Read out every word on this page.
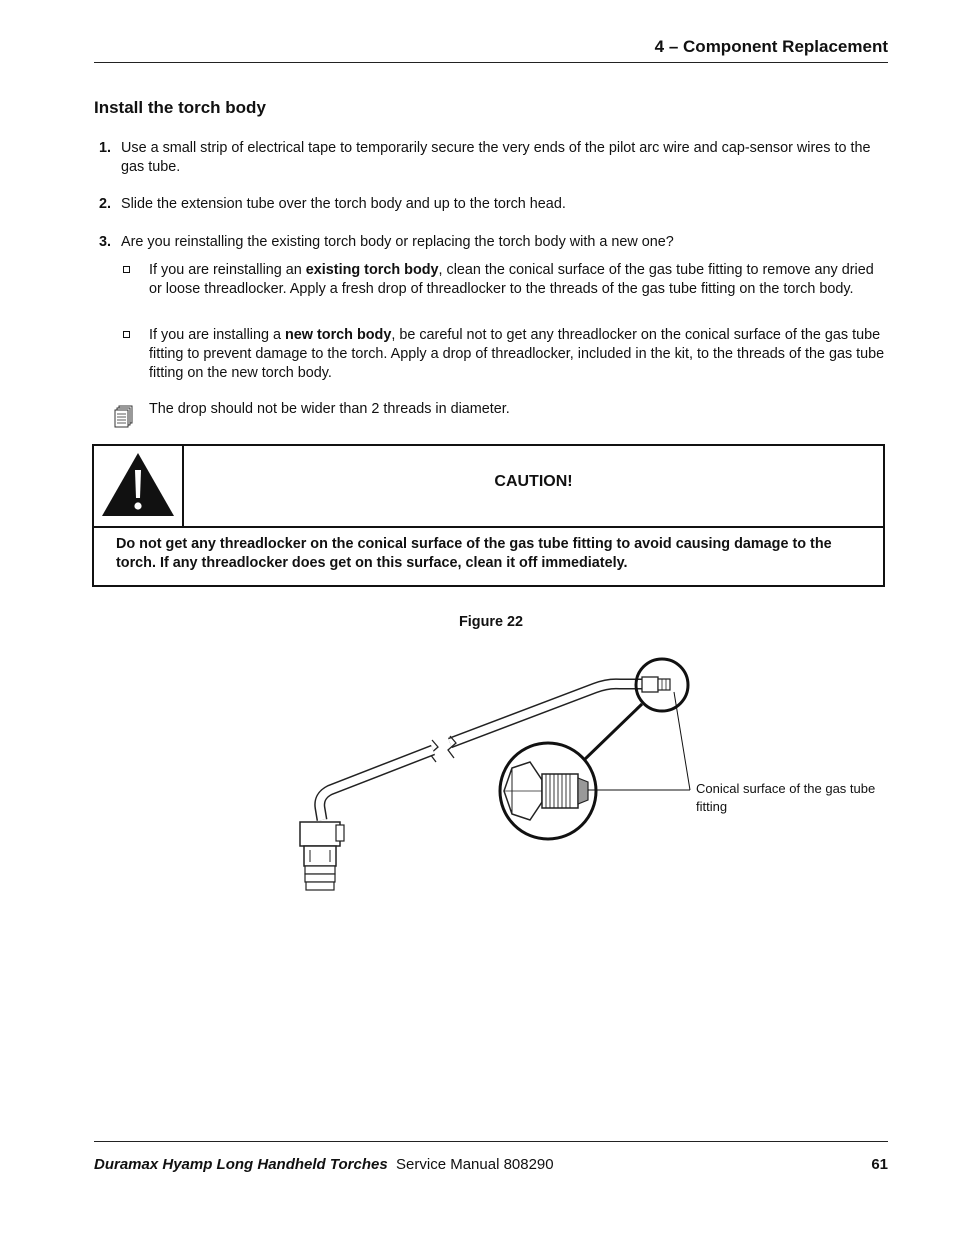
4 – Component Replacement
Install the torch body
1. Use a small strip of electrical tape to temporarily secure the very ends of the pilot arc wire and cap-sensor wires to the gas tube.
2. Slide the extension tube over the torch body and up to the torch head.
3. Are you reinstalling the existing torch body or replacing the torch body with a new one?
If you are reinstalling an existing torch body, clean the conical surface of the gas tube fitting to remove any dried or loose threadlocker. Apply a fresh drop of threadlocker to the threads of the gas tube fitting on the torch body.
If you are installing a new torch body, be careful not to get any threadlocker on the conical surface of the gas tube fitting to prevent damage to the torch. Apply a drop of threadlocker, included in the kit, to the threads of the gas tube fitting on the new torch body.
The drop should not be wider than 2 threads in diameter.
CAUTION!
Do not get any threadlocker on the conical surface of the gas tube fitting to avoid causing damage to the torch. If any threadlocker does get on this surface, clean it off immediately.
Figure 22
Conical surface of the gas tube fitting
Duramax Hyamp Long Handheld Torches Service Manual 808290	61
